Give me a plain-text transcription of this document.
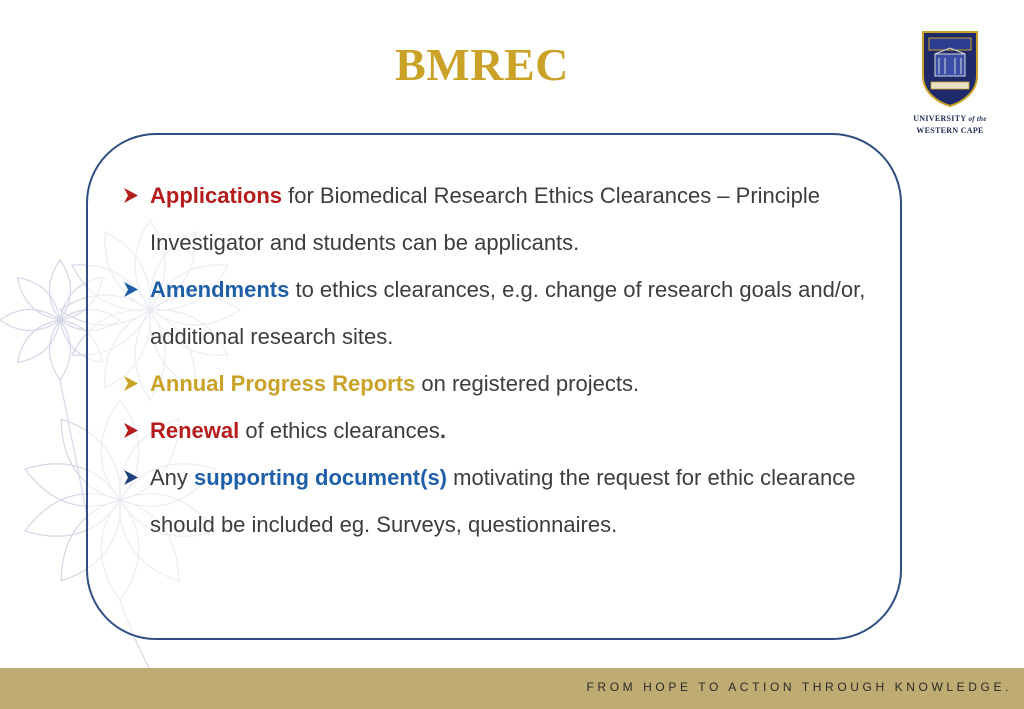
BMREC
UNIVERSITY of the
WESTERN CAPE
Applications for Biomedical Research Ethics Clearances – Principle Investigator and students can be applicants.
Amendments to ethics clearances, e.g. change of research goals and/or, additional research sites.
Annual Progress Reports on registered projects.
Renewal of ethics clearances.
Any supporting document(s) motivating the request for ethic clearance should be included eg. Surveys, questionnaires.
FROM HOPE TO ACTION THROUGH KNOWLEDGE.
